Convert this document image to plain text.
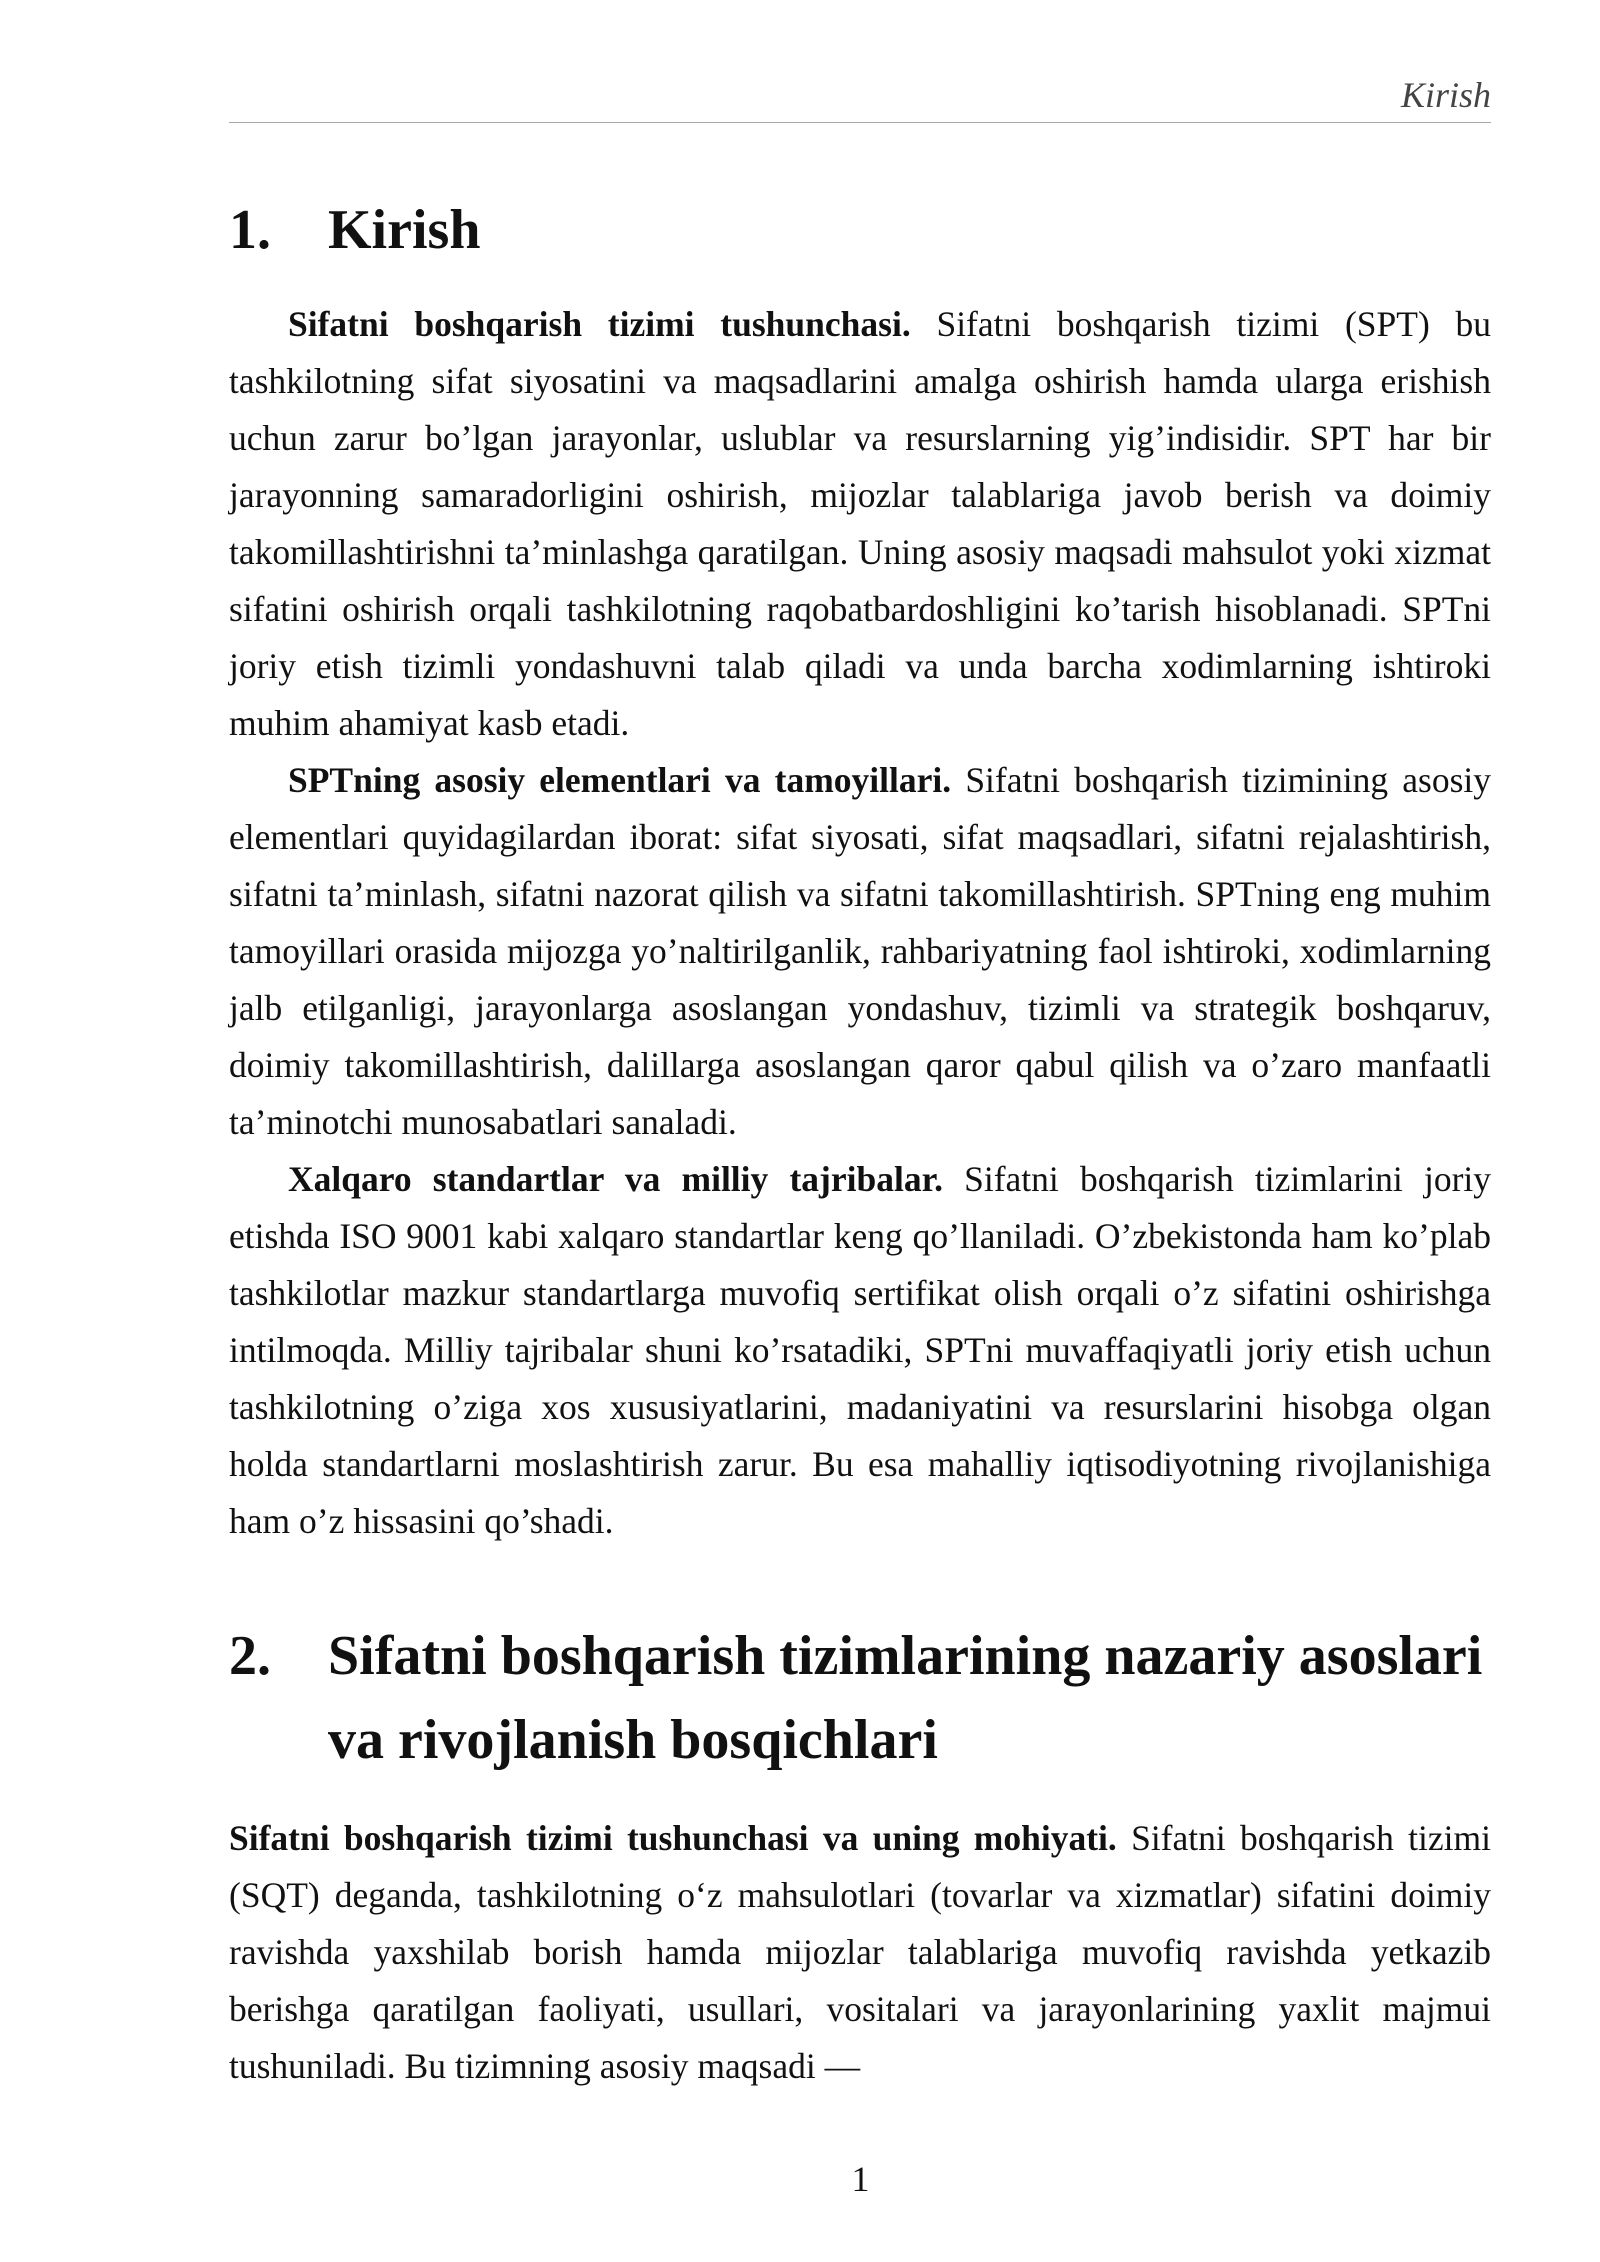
Kirish
1.	Kirish

Sifatni boshqarish tizimi tushunchasi. Sifatni boshqarish tizimi (SPT) bu tashkilotning sifat siyosatini va maqsadlarini amalga oshirish hamda ularga erishish uchun zarur bo’lgan jarayonlar, uslublar va resurslarning yig’indisidir. SPT har bir jarayonning samaradorligini oshirish, mijozlar talablariga javob berish va doimiy takomillashtirishni ta’minlashga qaratilgan. Uning asosiy maqsadi mahsulot yoki xizmat sifatini oshirish orqali tashkilotning raqobatbardoshligini ko’tarish hisoblanadi. SPTni joriy etish tizimli yondashuvni talab qiladi va unda barcha xodimlarning ishtiroki muhim ahamiyat kasb etadi.

SPTning asosiy elementlari va tamoyillari. Sifatni boshqarish tizimining asosiy elementlari quyidagilardan iborat: sifat siyosati, sifat maqsadlari, sifatni rejalashtirish, sifatni ta’minlash, sifatni nazorat qilish va sifatni takomillashtirish. SPTning eng muhim tamoyillari orasida mijozga yo’naltirilganlik, rahbariyatning faol ishtiroki, xodimlarning jalb etilganligi, jarayonlarga asoslangan yondashuv, tizimli va strategik boshqaruv, doimiy takomillashtirish, dalillarga asoslangan qaror qabul qilish va o’zaro manfaatli ta’minotchi munosabatlari sanaladi.

Xalqaro standartlar va milliy tajribalar. Sifatni boshqarish tizimlarini joriy etishda ISO 9001 kabi xalqaro standartlar keng qo’llaniladi. O’zbekistonda ham ko’plab tashkilotlar mazkur standartlarga muvofiq sertifikat olish orqali o’z sifatini oshirishga intilmoqda. Milliy tajribalar shuni ko’rsatadiki, SPTni muvaffaqiyatli joriy etish uchun tashkilotning o’ziga xos xususiyatlarini, madaniyatini va resurslarini hisobga olgan holda standartlarni moslashtirish zarur. Bu esa mahalliy iqtisodiyotning rivojlanishiga ham o’z hissasini qo’shadi.

2.	Sifatni boshqarish tizimlarining nazariy asoslari va rivojlanish bosqichlari

Sifatni boshqarish tizimi tushunchasi va uning mohiyati. Sifatni boshqarish tizimi (SQT) deganda, tashkilotning o‘z mahsulotlari (tovarlar va xizmatlar) sifatini doimiy ravishda yaxshilab borish hamda mijozlar talablariga muvofiq ravishda yetkazib berishga qaratilgan faoliyati, usullari, vositalari va jarayonlarining yaxlit majmui tushuniladi. Bu tizimning asosiy maqsadi —

1
